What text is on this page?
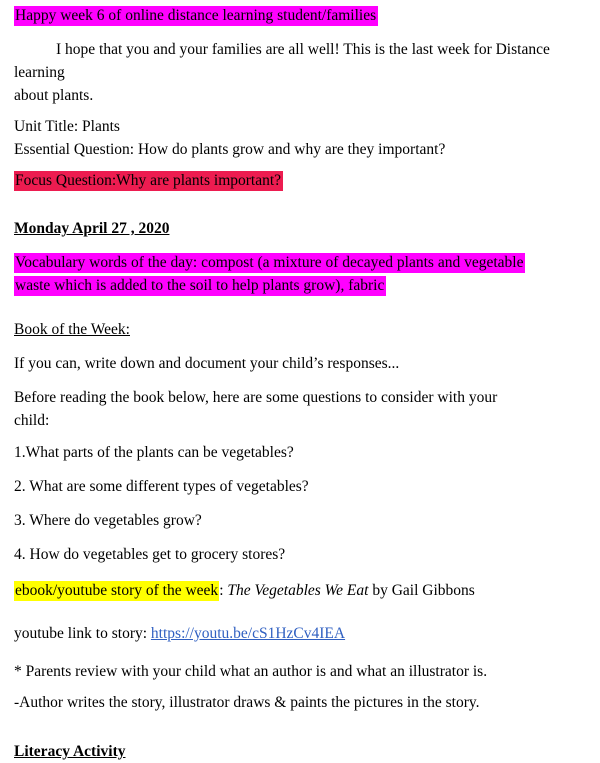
Happy week 6 of online distance learning student/families

I hope that you and your families are all well! This is the last week for Distance learning
about plants.

Unit Title: Plants

Essential Question: How do plants grow and why are they important?

Focus Question:Why are plants important?

Monday April 27 , 2020

Vocabulary words of the day: compost (a mixture of decayed plants and vegetable
waste which is added to the soil to help plants grow), fabric

Book of the Week:

If you can, write down and document your child’s responses...

Before reading the book below, here are some questions to consider with your
child:

1.What parts of the plants can be vegetables?

2. What are some different types of vegetables?

3. Where do vegetables grow?

4. How do vegetables get to grocery stores?

ebook/youtube story of the week: The Vegetables We Eat by Gail Gibbons

youtube link to story: https://youtu.be/cS1HzCv4IEA

* Parents review with your child what an author is and what an illustrator is.

-Author writes the story, illustrator draws & paints the pictures in the story.

Literacy Activity
